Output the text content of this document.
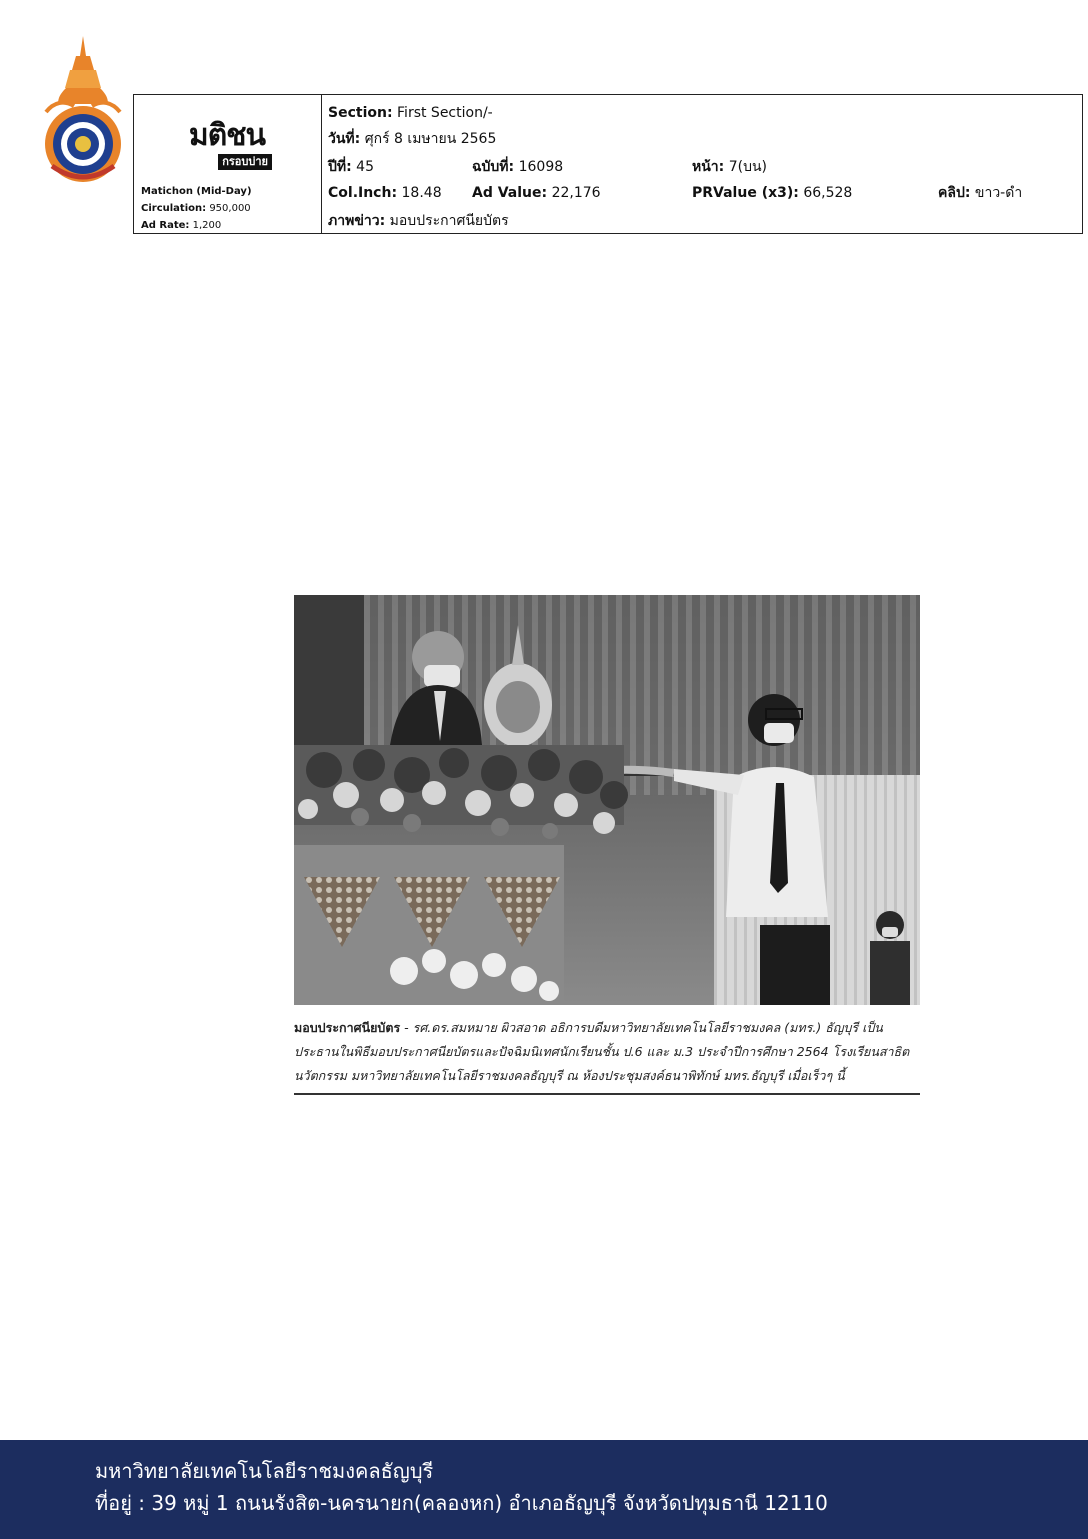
มติชน
กรอบบ่าย
Matichon (Mid-Day)
Circulation: 950,000
Ad Rate: 1,200
Section: First Section/-
วันที่: ศุกร์ 8 เมษายน 2565
ปีที่: 45	ฉบับที่: 16098	หน้า: 7(บน)
Col.Inch: 18.48 Ad Value: 22,176	PRValue (x3): 66,528	คลิป: ขาว-ดำ
ภาพข่าว: มอบประกาศนียบัตร
มอบประกาศนียบัตร - รศ.ดร.สมหมาย ผิวสอาด อธิการบดีมหาวิทยาลัยเทคโนโลยีราชมงคล (มทร.) ธัญบุรี เป็นประธานในพิธีมอบประกาศนียบัตรและปัจฉิมนิเทศนักเรียนชั้น ป.6 และ ม.3 ประจำปีการศึกษา 2564 โรงเรียนสาธิตนวัตกรรม มหาวิทยาลัยเทคโนโลยีราชมงคลธัญบุรี ณ ห้องประชุมสงค์ธนาพิทักษ์ มทร.ธัญบุรี เมื่อเร็วๆ นี้
มหาวิทยาลัยเทคโนโลยีราชมงคลธัญบุรี
ที่อยู่ : 39 หมู่ 1 ถนนรังสิต-นครนายก(คลองหก) อำเภอธัญบุรี จังหวัดปทุมธานี 12110
